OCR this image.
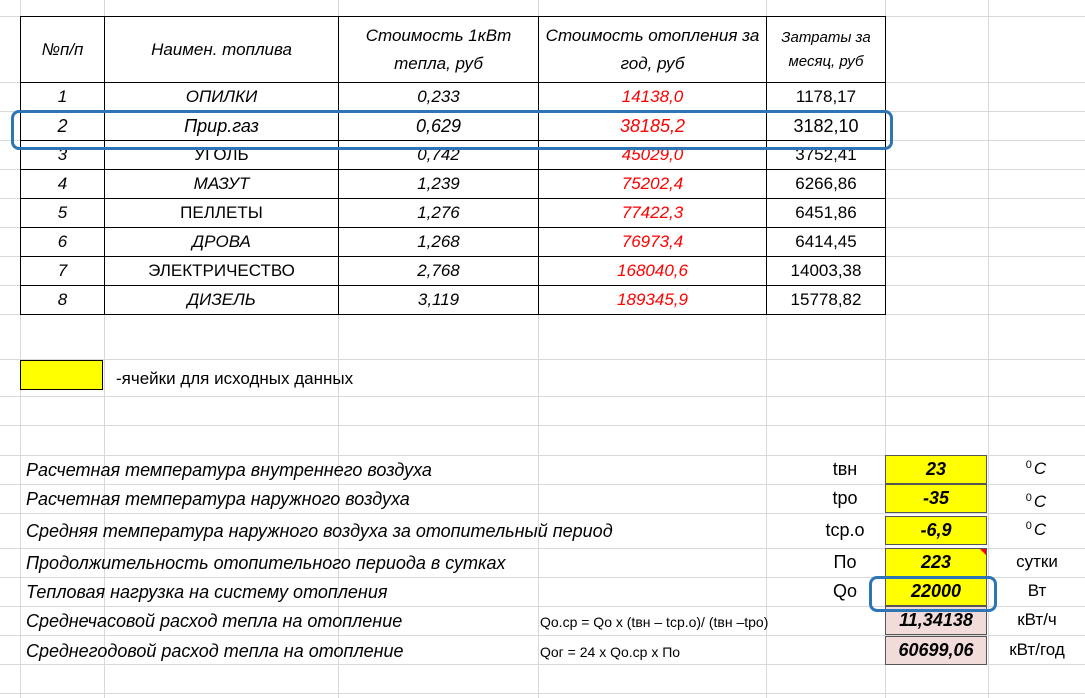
№п/п	Наимен. топлива	Стоимость 1кВт тепла, руб	Стоимость отопления за год, руб	Затраты за месяц, руб
1	ОПИЛКИ	0,233	14138,0	1178,17
2	Прир.газ	0,629	38185,2	3182,10
3	УГОЛЬ	0,742	45029,0	3752,41
4	МАЗУТ	1,239	75202,4	6266,86
5	ПЕЛЛЕТЫ	1,276	77422,3	6451,86
6	ДРОВА	1,268	76973,4	6414,45
7	ЭЛЕКТРИЧЕСТВО	2,768	168040,6	14003,38
8	ДИЗЕЛЬ	3,119	189345,9	15778,82
-ячейки для исходных данных
Расчетная температура внутреннего воздуха	tвн	23	$^0$ С
Расчетная температура наружного воздуха	tро	-35	$^0$ С
Средняя температура наружного воздуха за отопительный период	tср.о	-6,9	$^0$ С
Продолжительность отопительного периода в сутках	По	223	сутки
Тепловая нагрузка на систему отопления	Qо	22000	Вт
Среднечасовой расход тепла на отопление	Qо.ср = Qо х (tвн – tср.о)/ (tвн –tро)	11,34138	кВт/ч
Среднегодовой расход тепла на отопление	Qог = 24 х Qо.ср х По	60699,06	кВт/год
